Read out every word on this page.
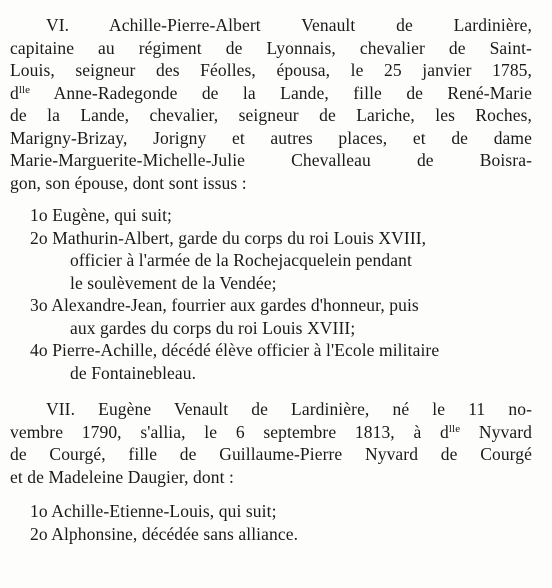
VI. Achille-Pierre-Albert Venault de Lardinière,
capitaine au régiment de Lyonnais, chevalier de Saint-
Louis, seigneur des Féolles, épousa, le 25 janvier 1785,
$d^{lle}$ Anne-Radegonde de la Lande, fille de René-Marie
de la Lande, chevalier, seigneur de Lariche, les Roches,
Marigny-Brizay, Jorigny et autres places, et de dame
Marie-Marguerite-Michelle-Julie Chevalleau de Boisra-
gon, son épouse, dont sont issus :
1o Eugène, qui suit;
2o Mathurin-Albert, garde du corps du roi Louis XVIII,
officier à l'armée de la Rochejacquelein pendant
le soulèvement de la Vendée;
3o Alexandre-Jean, fourrier aux gardes d'honneur, puis
aux gardes du corps du roi Louis XVIII;
4o Pierre-Achille, décédé élève officier à l'Ecole militaire
de Fontainebleau.
VII. Eugène Venault de Lardinière, né le 11 no-
vembre 1790, s'allia, le 6 septembre 1813, à $d^{lle}$ Nyvard
de Courgé, fille de Guillaume-Pierre Nyvard de Courgé
et de Madeleine Daugier, dont :
1o Achille-Etienne-Louis, qui suit;
2o Alphonsine, décédée sans alliance.
